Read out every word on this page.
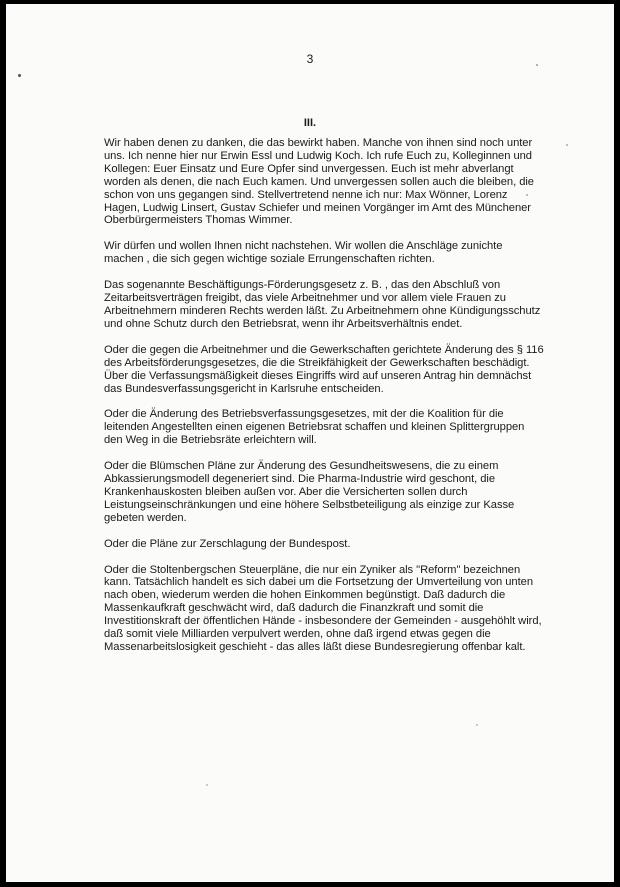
3
III.

Wir haben denen zu danken, die das bewirkt haben. Manche von ihnen sind noch unter uns. Ich nenne hier nur Erwin Essl und Ludwig Koch. Ich rufe Euch zu, Kolleginnen und Kollegen: Euer Einsatz und Eure Opfer sind unvergessen. Euch ist mehr abverlangt worden als denen, die nach Euch kamen. Und unvergessen sollen auch die bleiben, die schon von uns gegangen sind. Stellvertretend nenne ich nur: Max Wönner, Lorenz Hagen, Ludwig Linsert, Gustav Schiefer und meinen Vorgänger im Amt des Münchener Oberbürgermeisters Thomas Wimmer.

Wir dürfen und wollen Ihnen nicht nachstehen. Wir wollen die Anschläge zunichte machen , die sich gegen wichtige soziale Errungenschaften richten.

Das sogenannte Beschäftigungs-Förderungsgesetz z. B. , das den Abschluß von Zeitarbeitsverträgen freigibt, das viele Arbeitnehmer und vor allem viele Frauen zu Arbeitnehmern minderen Rechts werden läßt. Zu Arbeitnehmern ohne Kündigungsschutz und ohne Schutz durch den Betriebsrat, wenn ihr Arbeitsverhältnis endet.

Oder die gegen die Arbeitnehmer und die Gewerkschaften gerichtete Änderung des § 116 des Arbeitsförderungsgesetzes, die die Streikfähigkeit der Gewerkschaften beschädigt. Über die Verfassungsmäßigkeit dieses Eingriffs wird auf unseren Antrag hin demnächst das Bundesverfassungsgericht in Karlsruhe entscheiden.

Oder die Änderung des Betriebsverfassungsgesetzes, mit der die Koalition für die leitenden Angestellten einen eigenen Betriebsrat schaffen und kleinen Splittergruppen den Weg in die Betriebsräte erleichtern will.

Oder die Blümschen Pläne zur Änderung des Gesundheitswesens, die zu einem Abkassierungsmodell degeneriert sind. Die Pharma-Industrie wird geschont, die Krankenhauskosten bleiben außen vor. Aber die Versicherten sollen durch Leistungseinschränkungen und eine höhere Selbstbeteiligung als einzige zur Kasse gebeten werden.

Oder die Pläne zur Zerschlagung der Bundespost.

Oder die Stoltenbergschen Steuerpläne, die nur ein Zyniker als "Reform" bezeichnen kann. Tatsächlich handelt es sich dabei um die Fortsetzung der Umverteilung von unten nach oben, wiederum werden die hohen Einkommen begünstigt. Daß dadurch die Massenkaufkraft geschwächt wird, daß dadurch die Finanzkraft und somit die Investitionskraft der öffentlichen Hände - insbesondere der Gemeinden - ausgehöhlt wird, daß somit viele Milliarden verpulvert werden, ohne daß irgend etwas gegen die Massenarbeitslosigkeit geschieht - das alles läßt diese Bundesregierung offenbar kalt.
